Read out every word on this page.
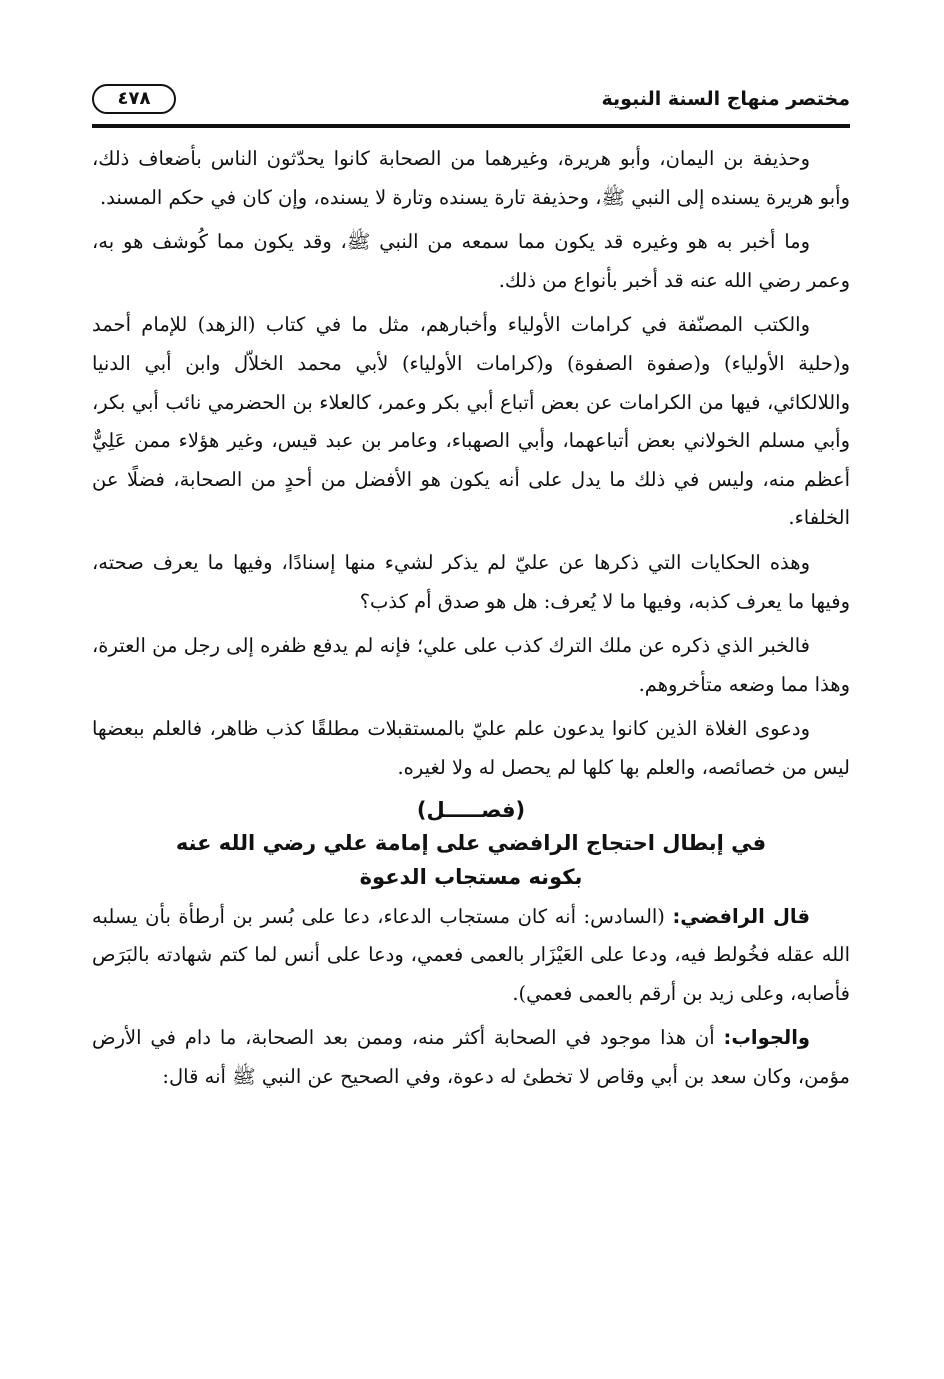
مختصر منهاج السنة النبوية
٤٧٨

وحذيفة بن اليمان، وأبو هريرة، وغيرهما من الصحابة كانوا يحدّثون الناس بأضعاف ذلك، وأبو هريرة يسنده إلى النبي ﷺ، وحذيفة تارة يسنده وتارة لا يسنده، وإن كان في حكم المسند.

وما أخبر به هو وغيره قد يكون مما سمعه من النبي ﷺ، وقد يكون مما كُوشف هو به، وعمر رضي الله عنه قد أخبر بأنواع من ذلك.

والكتب المصنّفة في كرامات الأولياء وأخبارهم، مثل ما في كتاب (الزهد) للإمام أحمد و(حلية الأولياء) و(صفوة الصفوة) و(كرامات الأولياء) لأبي محمد الخلاّل وابن أبي الدنيا واللالكائي، فيها من الكرامات عن بعض أتباع أبي بكر وعمر، كالعلاء بن الحضرمي نائب أبي بكر، وأبي مسلم الخولاني بعض أتباعهما، وأبي الصهباء، وعامر بن عبد قيس، وغير هؤلاء ممن عَلِيٌّ أعظم منه، وليس في ذلك ما يدل على أنه يكون هو الأفضل من أحدٍ من الصحابة، فضلًا عن الخلفاء.

وهذه الحكايات التي ذكرها عن عليّ لم يذكر لشيء منها إسنادًا، وفيها ما يعرف صحته، وفيها ما يعرف كذبه، وفيها ما لا يُعرف: هل هو صدق أم كذب؟

فالخبر الذي ذكره عن ملك الترك كذب على علي؛ فإنه لم يدفع ظفره إلى رجل من العترة، وهذا مما وضعه متأخروهم.

ودعوى الغلاة الذين كانوا يدعون علم عليّ بالمستقبلات مطلقًا كذب ظاهر، فالعلم ببعضها ليس من خصائصه، والعلم بها كلها لم يحصل له ولا لغيره.

(فصـــــل)
في إبطال احتجاج الرافضي على إمامة علي رضي الله عنه
بكونه مستجاب الدعوة

قال الرافضي: (السادس: أنه كان مستجاب الدعاء، دعا على بُسر بن أرطأة بأن يسلبه الله عقله فخُولط فيه، ودعا على العَيْزَار بالعمى فعمي، ودعا على أنس لما كتم شهادته بالبَرَص فأصابه، وعلى زيد بن أرقم بالعمى فعمي).

والجواب: أن هذا موجود في الصحابة أكثر منه، وممن بعد الصحابة، ما دام في الأرض مؤمن، وكان سعد بن أبي وقاص لا تخطئ له دعوة، وفي الصحيح عن النبي ﷺ أنه قال:
